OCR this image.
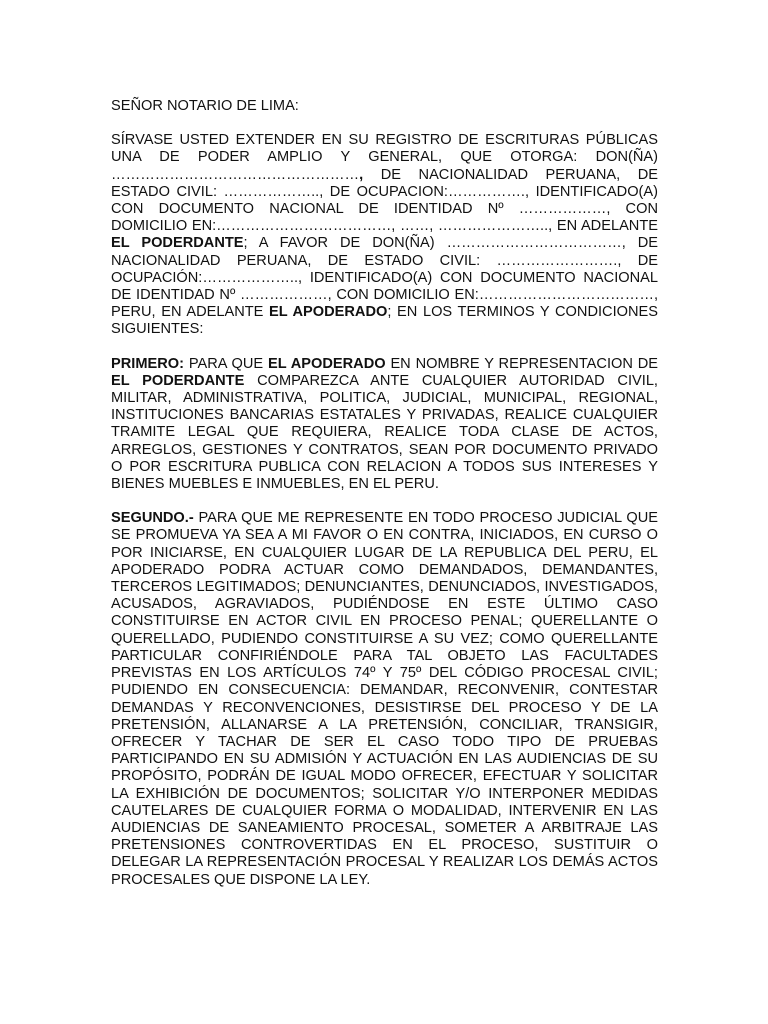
SEÑOR NOTARIO DE LIMA:

SÍRVASE USTED EXTENDER EN SU REGISTRO DE ESCRITURAS PÚBLICAS UNA DE PODER AMPLIO Y GENERAL, QUE OTORGA: DON(ÑA) ……………………………………………, DE NACIONALIDAD PERUANA, DE ESTADO CIVIL: ……………….., DE OCUPACION:……………., IDENTIFICADO(A) CON DOCUMENTO NACIONAL DE IDENTIDAD Nº ………………, CON DOMICILIO EN:………………………………, ……, ………………….., EN ADELANTE EL PODERDANTE; A FAVOR DE DON(ÑA) ………………………………, DE NACIONALIDAD PERUANA, DE ESTADO CIVIL: ……………………., DE OCUPACIÓN:……………….., IDENTIFICADO(A) CON DOCUMENTO NACIONAL DE IDENTIDAD Nº ………………, CON DOMICILIO EN:………………………………, PERU, EN ADELANTE EL APODERADO; EN LOS TERMINOS Y CONDICIONES SIGUIENTES:

PRIMERO: PARA QUE EL APODERADO EN NOMBRE Y REPRESENTACION DE EL PODERDANTE COMPAREZCA ANTE CUALQUIER AUTORIDAD CIVIL, MILITAR, ADMINISTRATIVA, POLITICA, JUDICIAL, MUNICIPAL, REGIONAL, INSTITUCIONES BANCARIAS ESTATALES Y PRIVADAS, REALICE CUALQUIER TRAMITE LEGAL QUE REQUIERA, REALICE TODA CLASE DE ACTOS, ARREGLOS, GESTIONES Y CONTRATOS, SEAN POR DOCUMENTO PRIVADO O POR ESCRITURA PUBLICA CON RELACION A TODOS SUS INTERESES Y BIENES MUEBLES E INMUEBLES, EN EL PERU.

SEGUNDO.- PARA QUE ME REPRESENTE EN TODO PROCESO JUDICIAL QUE SE PROMUEVA YA SEA A MI FAVOR O EN CONTRA, INICIADOS, EN CURSO O POR INICIARSE, EN CUALQUIER LUGAR DE LA REPUBLICA DEL PERU, EL APODERADO PODRA ACTUAR COMO DEMANDADOS, DEMANDANTES, TERCEROS LEGITIMADOS; DENUNCIANTES, DENUNCIADOS, INVESTIGADOS, ACUSADOS, AGRAVIADOS, PUDIÉNDOSE EN ESTE ÚLTIMO CASO CONSTITUIRSE EN ACTOR CIVIL EN PROCESO PENAL; QUERELLANTE O QUERELLADO, PUDIENDO CONSTITUIRSE A SU VEZ; COMO QUERELLANTE PARTICULAR CONFIRIÉNDOLE PARA TAL OBJETO LAS FACULTADES PREVISTAS EN LOS ARTÍCULOS 74º Y 75º DEL CÓDIGO PROCESAL CIVIL; PUDIENDO EN CONSECUENCIA: DEMANDAR, RECONVENIR, CONTESTAR DEMANDAS Y RECONVENCIONES, DESISTIRSE DEL PROCESO Y DE LA PRETENSIÓN, ALLANARSE A LA PRETENSIÓN, CONCILIAR, TRANSIGIR, OFRECER Y TACHAR DE SER EL CASO TODO TIPO DE PRUEBAS PARTICIPANDO EN SU ADMISIÓN Y ACTUACIÓN EN LAS AUDIENCIAS DE SU PROPÓSITO, PODRÁN DE IGUAL MODO OFRECER, EFECTUAR Y SOLICITAR LA EXHIBICIÓN DE DOCUMENTOS; SOLICITAR Y/O INTERPONER MEDIDAS CAUTELARES DE CUALQUIER FORMA O MODALIDAD, INTERVENIR EN LAS AUDIENCIAS DE SANEAMIENTO PROCESAL, SOMETER A ARBITRAJE LAS PRETENSIONES CONTROVERTIDAS EN EL PROCESO, SUSTITUIR O DELEGAR LA REPRESENTACIÓN PROCESAL Y REALIZAR LOS DEMÁS ACTOS PROCESALES QUE DISPONE LA LEY.
